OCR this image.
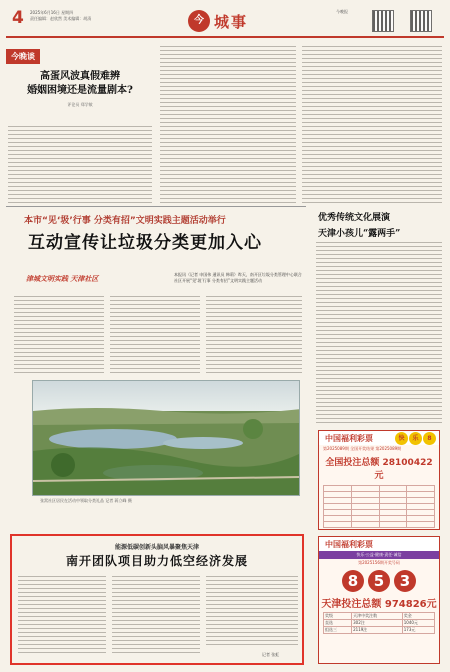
4 2025年6月16日 星期四
责任编辑：赵欣然 美术编辑：胡清	今 城事
今晚报
今晚谈
高蛋风波真假难辨
婚姻困境还是流量剧本?
评论员 郑学敏
本市“见‘圾’行事 分类有招”文明实践主题活动举行
互动宣传让垃圾分类更加入心
津城文明实践 天津社区	本报讯（记者 申国伟 通讯员 韩莉）昨天，南开区垃圾分类管理中心联合社区开展“见‘圾’行事 分类有招”文明实践主题活动
张窝社区居民在活动中领取分类礼品 记者 蒋立峰 摄
优秀传统文化展演
天津小孩儿“露两手”
中国福利彩票	快	乐	8
第2025089期 全国开奖结果 第2025089期
全国投注总额 28100422元

中国福利彩票
快乐·公益·健康·责任·诚信
第2025156期开奖号码
8	5	3
天津投注总额 974826元
奖级	天津中奖注数	奖金
直选	302注	1040元
组选三	2119注	173元
能源低碳创新头脑风暴聚焦天津
南开团队项目助力低空经济发展
记者 张虹
